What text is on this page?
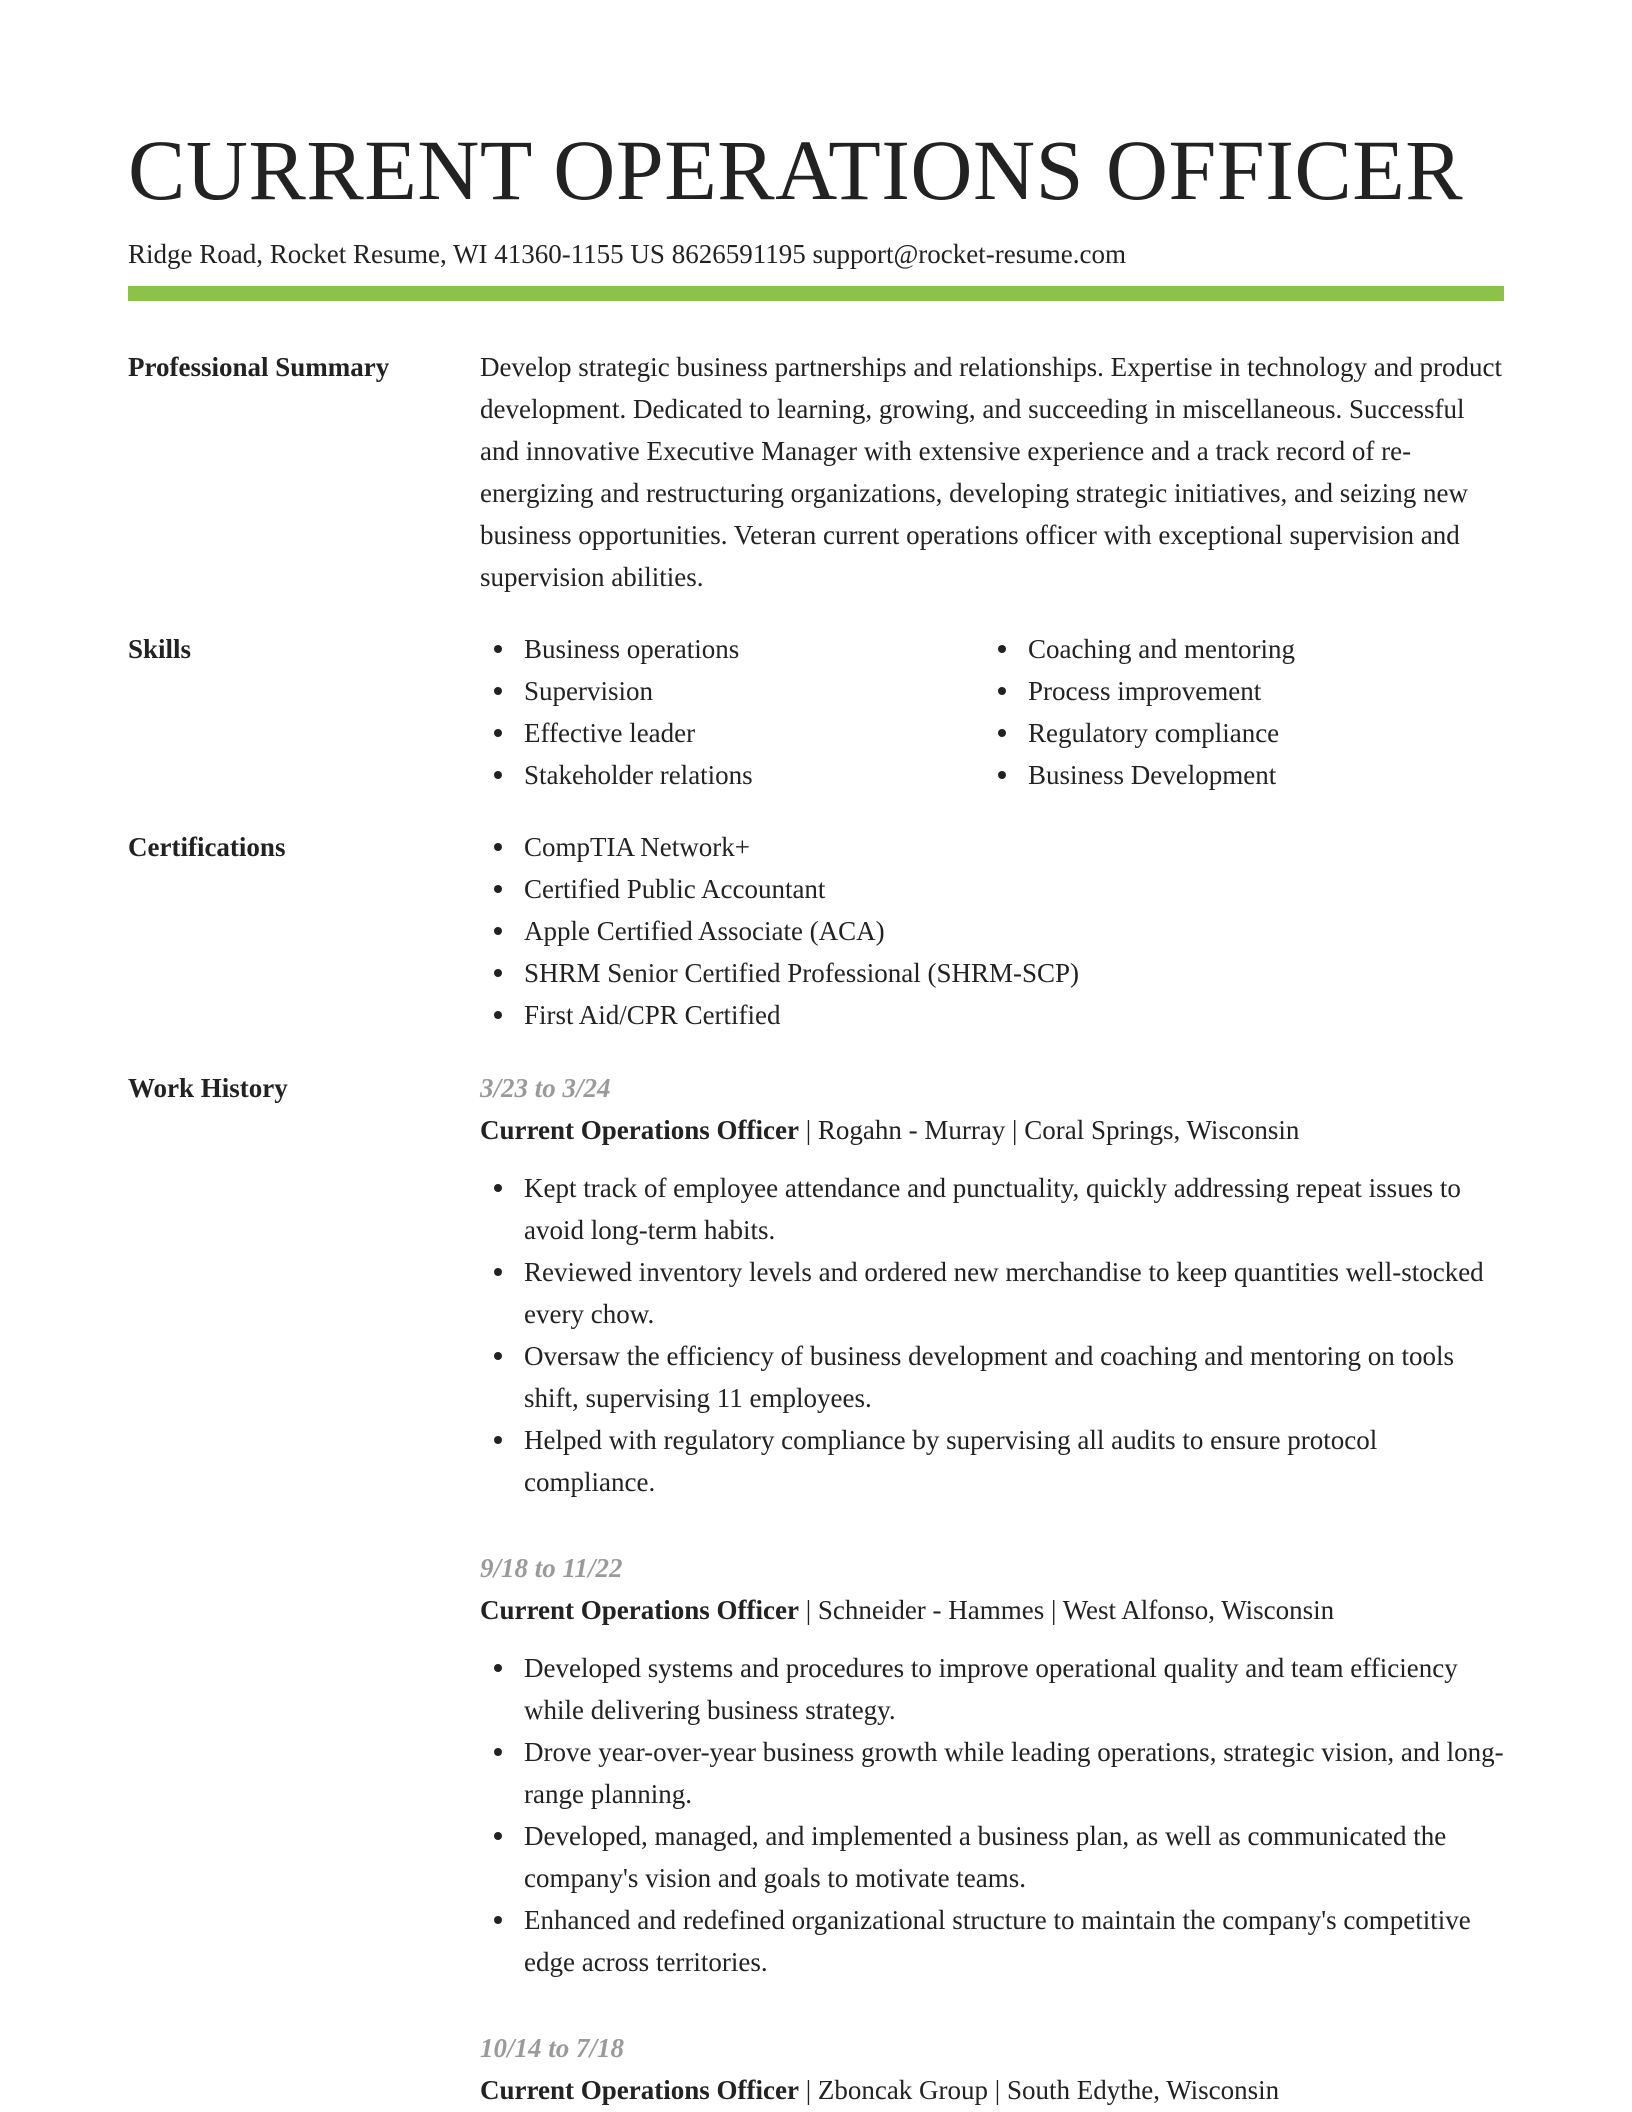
CURRENT OPERATIONS OFFICER
Ridge Road, Rocket Resume, WI 41360-1155 US 8626591195 support@rocket-resume.com
Professional Summary	Develop strategic business partnerships and relationships. Expertise in technology and product development. Dedicated to learning, growing, and succeeding in miscellaneous. Successful and innovative Executive Manager with extensive experience and a track record of re-energizing and restructuring organizations, developing strategic initiatives, and seizing new business opportunities. Veteran current operations officer with exceptional supervision and supervision abilities.

Skills	Business operations
Supervision
Effective leader
Stakeholder relations
Coaching and mentoring
Process improvement
Regulatory compliance
Business Development
Certifications	CompTIA Network+
Certified Public Accountant
Apple Certified Associate (ACA)
SHRM Senior Certified Professional (SHRM-SCP)
First Aid/CPR Certified
Work History	3/23 to 3/24
Current Operations Officer | Rogahn - Murray | Coral Springs, Wisconsin
Kept track of employee attendance and punctuality, quickly addressing repeat issues to avoid long-term habits.
Reviewed inventory levels and ordered new merchandise to keep quantities well-stocked every chow.
Oversaw the efficiency of business development and coaching and mentoring on tools shift, supervising 11 employees.
Helped with regulatory compliance by supervising all audits to ensure protocol compliance.
9/18 to 11/22
Current Operations Officer | Schneider - Hammes | West Alfonso, Wisconsin
Developed systems and procedures to improve operational quality and team efficiency while delivering business strategy.
Drove year-over-year business growth while leading operations, strategic vision, and long-range planning.
Developed, managed, and implemented a business plan, as well as communicated the company's vision and goals to motivate teams.
Enhanced and redefined organizational structure to maintain the company's competitive edge across territories.
10/14 to 7/18
Current Operations Officer | Zboncak Group | South Edythe, Wisconsin
